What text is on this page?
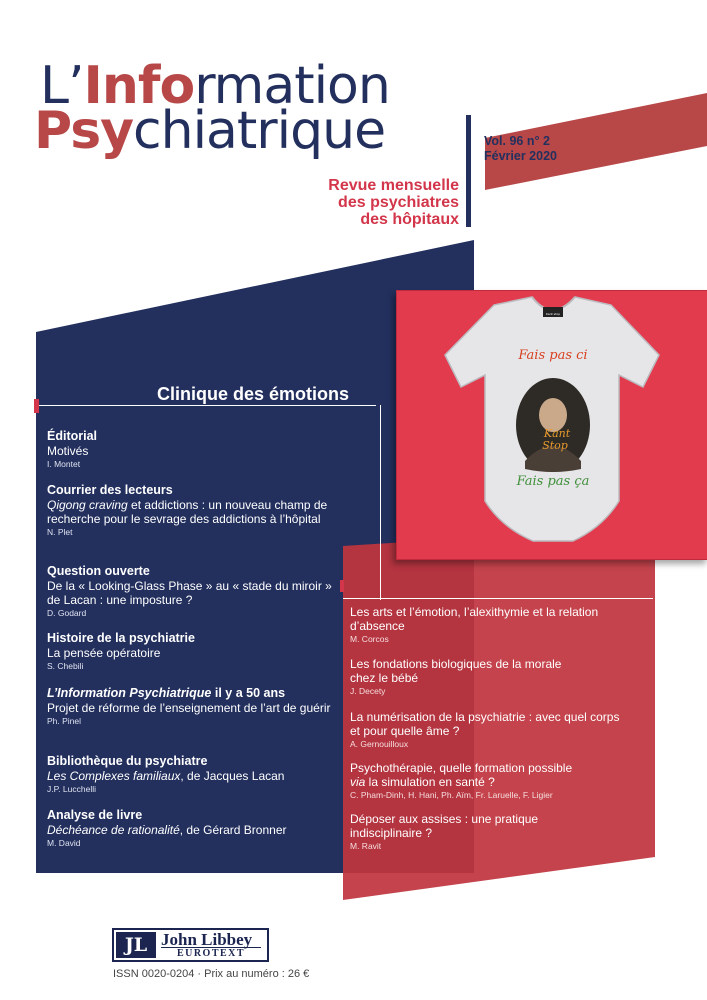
L’Information
Psychiatrique	Vol. 96 n° 2
Février 2020
Revue mensuelle
des psychiatres
des hôpitaux
Kant stop
Fais pas ci
Kant
Stop
Fais pas ça
Clinique des émotions
Éditorial
Motivés
I. Montet
Courrier des lecteurs
Qigong craving et addictions : un nouveau champ de recherche pour le sevrage des addictions à l’hôpital
N. Plet
Question ouverte
De la « Looking-Glass Phase » au « stade du miroir » de Lacan : une imposture ?
D. Godard
Histoire de la psychiatrie
La pensée opératoire
S. Chebili
L’Information Psychiatrique il y a 50 ans
Projet de réforme de l’enseignement de l’art de guérir
Ph. Pinel
Bibliothèque du psychiatre
Les Complexes familiaux, de Jacques Lacan
J.P. Lucchelli
Analyse de livre
Déchéance de rationalité, de Gérard Bronner
M. David
Les arts et l’émotion, l’alexithymie et la relation d’absence
M. Corcos
Les fondations biologiques de la morale chez le bébé
J. Decety
La numérisation de la psychiatrie : avec quel corps et pour quelle âme ?
A. Gernouilloux
Psychothérapie, quelle formation possible via la simulation en santé ?
C. Pham-Dinh, H. Hani, Ph. Aïm, Fr. Laruelle, F. Ligier
Déposer aux assises : une pratique indisciplinaire ?
M. Ravit
JL John Libbey
EUROTEXT
ISSN 0020-0204 · Prix au numéro : 26 €
